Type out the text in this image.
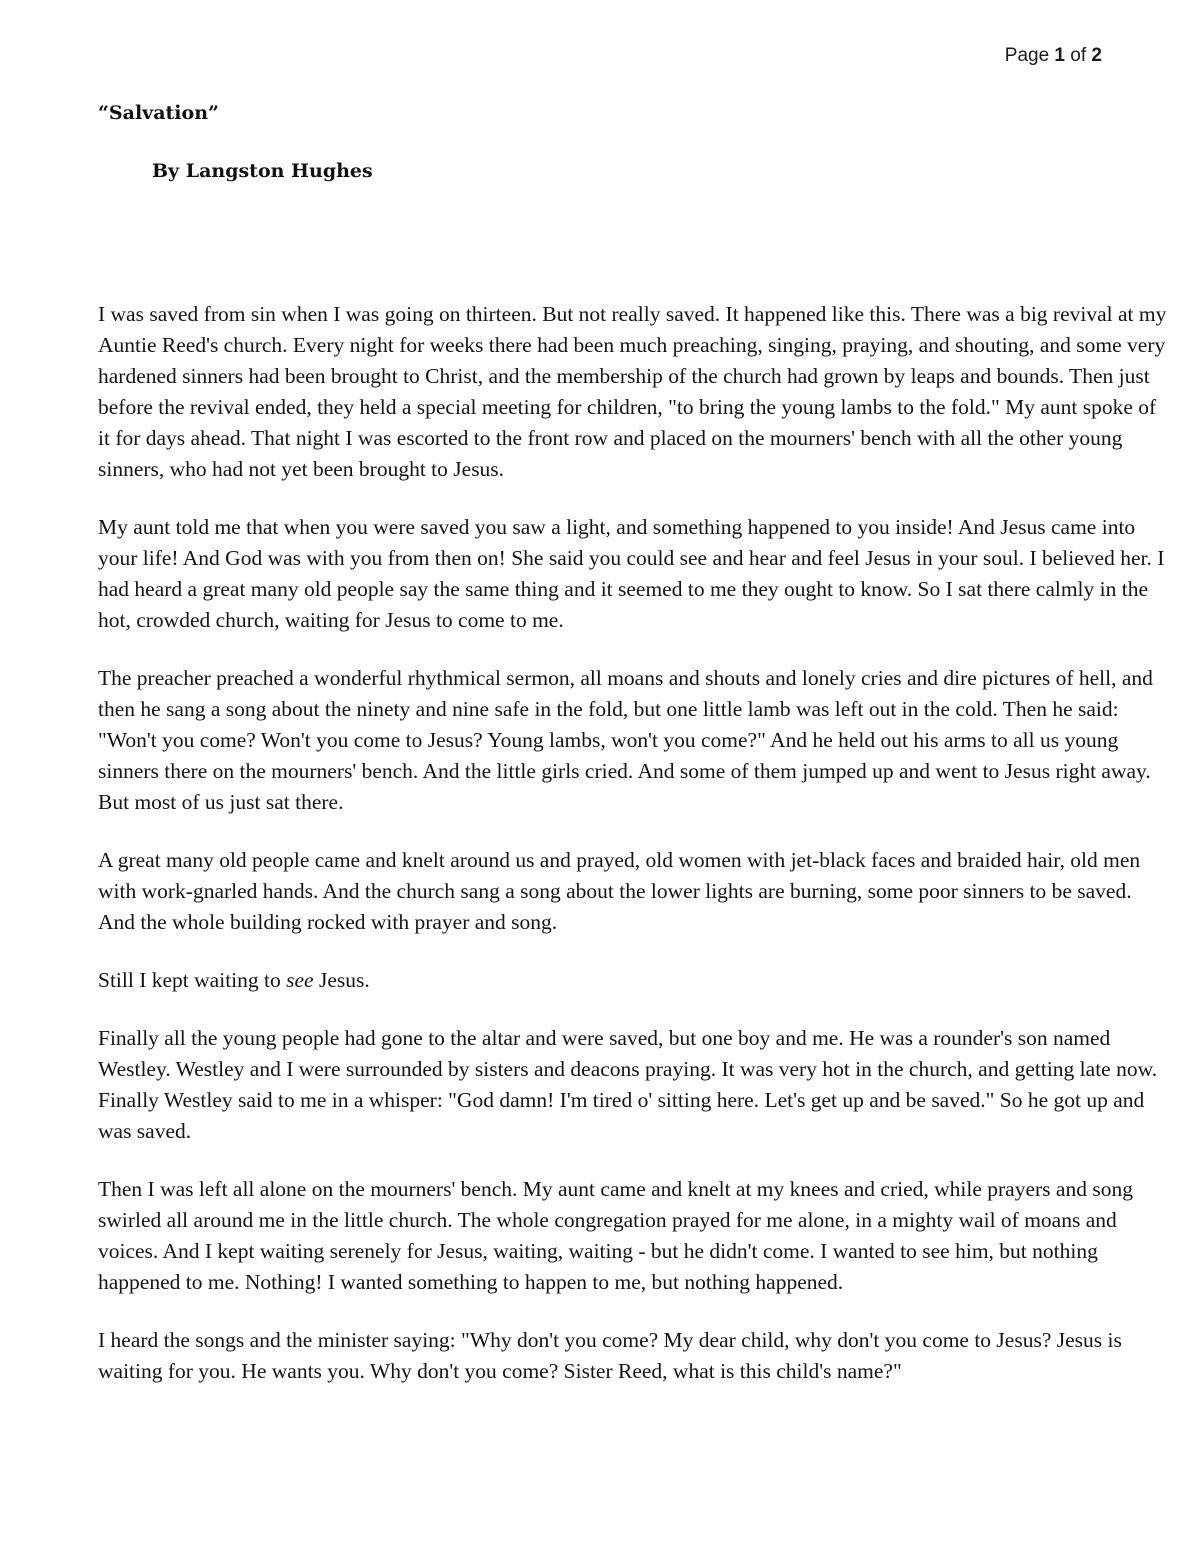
Page 1 of 2
“Salvation”
By Langston Hughes

I was saved from sin when I was going on thirteen. But not really saved. It happened like this. There was a big revival at my Auntie Reed's church. Every night for weeks there had been much preaching, singing, praying, and shouting, and some very hardened sinners had been brought to Christ, and the membership of the church had grown by leaps and bounds. Then just before the revival ended, they held a special meeting for children, "to bring the young lambs to the fold." My aunt spoke of it for days ahead. That night I was escorted to the front row and placed on the mourners' bench with all the other young sinners, who had not yet been brought to Jesus.

My aunt told me that when you were saved you saw a light, and something happened to you inside! And Jesus came into your life! And God was with you from then on! She said you could see and hear and feel Jesus in your soul. I believed her. I had heard a great many old people say the same thing and it seemed to me they ought to know. So I sat there calmly in the hot, crowded church, waiting for Jesus to come to me.

The preacher preached a wonderful rhythmical sermon, all moans and shouts and lonely cries and dire pictures of hell, and then he sang a song about the ninety and nine safe in the fold, but one little lamb was left out in the cold. Then he said: "Won't you come? Won't you come to Jesus? Young lambs, won't you come?" And he held out his arms to all us young sinners there on the mourners' bench. And the little girls cried. And some of them jumped up and went to Jesus right away. But most of us just sat there.

A great many old people came and knelt around us and prayed, old women with jet-black faces and braided hair, old men with work-gnarled hands. And the church sang a song about the lower lights are burning, some poor sinners to be saved. And the whole building rocked with prayer and song.

Still I kept waiting to see Jesus.

Finally all the young people had gone to the altar and were saved, but one boy and me. He was a rounder's son named Westley. Westley and I were surrounded by sisters and deacons praying. It was very hot in the church, and getting late now. Finally Westley said to me in a whisper: "God damn! I'm tired o' sitting here. Let's get up and be saved." So he got up and was saved.

Then I was left all alone on the mourners' bench. My aunt came and knelt at my knees and cried, while prayers and song swirled all around me in the little church. The whole congregation prayed for me alone, in a mighty wail of moans and voices. And I kept waiting serenely for Jesus, waiting, waiting - but he didn't come. I wanted to see him, but nothing happened to me. Nothing! I wanted something to happen to me, but nothing happened.

I heard the songs and the minister saying: "Why don't you come? My dear child, why don't you come to Jesus? Jesus is waiting for you. He wants you. Why don't you come? Sister Reed, what is this child's name?"
